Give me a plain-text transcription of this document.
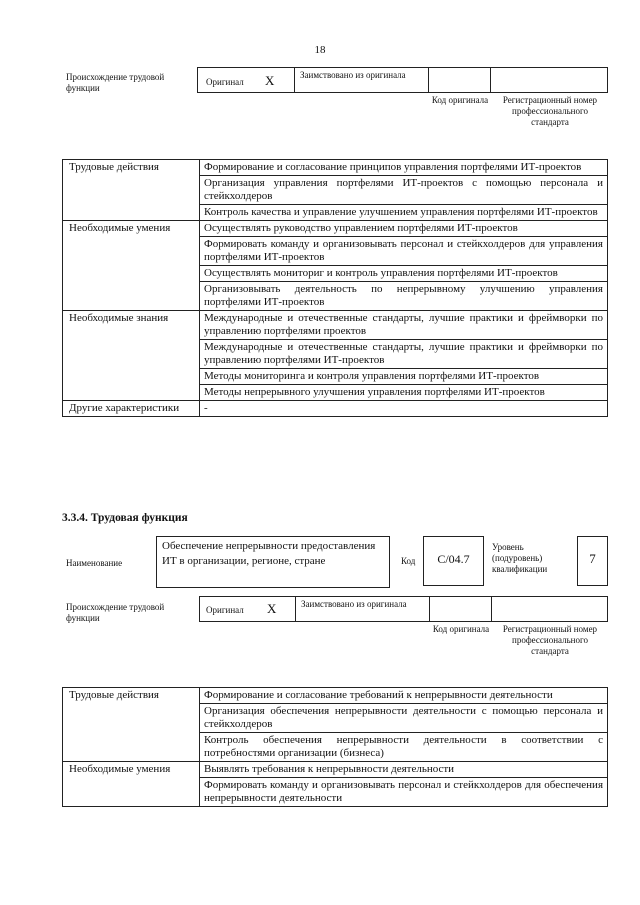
18
Происхождение трудовой функции
Оригинал X	Заимствовано из оригинала
Код оригинала	Регистрационный номер профессионального стандарта
Трудовые действия	Формирование и согласование принципов управления портфелями ИТ-проектов
	Организация управления портфелями ИТ-проектов с помощью персонала и стейкхолдеров
	Контроль качества и управление улучшением управления портфелями ИТ-проектов
Необходимые умения	Осуществлять руководство управлением портфелями ИТ-проектов
	Формировать команду и организовывать персонал и стейкхолдеров для управления портфелями ИТ-проектов
	Осуществлять мониториг и контроль управления портфелями ИТ-проектов
	Организовывать деятельность по непрерывному улучшению управления портфелями ИТ-проектов
Необходимые знания	Международные и отечественные стандарты, лучшие практики и фреймворки по управлению портфелями проектов
	Международные и отечественные стандарты, лучшие практики и фреймворки по управлению портфелями ИТ-проектов
	Методы мониторинга и контроля управления портфелями ИТ-проектов
	Методы непрерывного улучшения управления портфелями ИТ-проектов
Другие характеристики	-
3.3.4. Трудовая функция
Наименование
Обеспечение непрерывности предоставления ИТ в организации, регионе, стране	Код	C/04.7
Уровень (подуровень) квалификации
7
Происхождение трудовой функции
Оригинал X	Заимствовано из оригинала
Код оригинала	Регистрационный номер профессионального стандарта
Трудовые действия	Формирование и согласование требований к непрерывности деятельности
	Организация обеспечения непрерывности деятельности с помощью персонала и стейкхолдеров
	Контроль обеспечения непрерывности деятельности в соответствии с потребностями организации (бизнеса)
Необходимые умения	Выявлять требования к непрерывности деятельности
	Формировать команду и организовывать персонал и стейкхолдеров для обеспечения непрерывности деятельности
